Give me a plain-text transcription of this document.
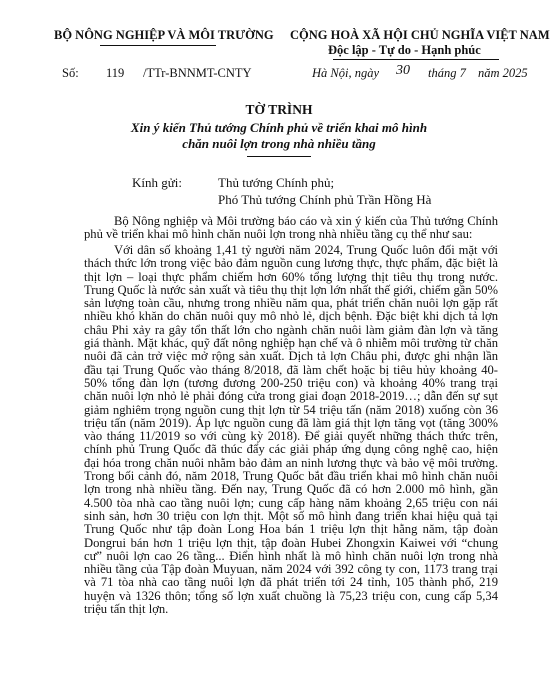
BỘ NÔNG NGHIỆP VÀ MÔI TRƯỜNG CỘNG HOÀ XÃ HỘI CHỦ NGHĨA VIỆT NAM
Độc lập - Tự do - Hạnh phúc
Số: 119 /TTr-BNNMT-CNTY	Hà Nội, ngày 30 tháng 7 năm 2025
TỜ TRÌNH
Xin ý kiến Thủ tướng Chính phủ về triển khai mô hình
chăn nuôi lợn trong nhà nhiều tầng
Kính gửi:	Thủ tướng Chính phủ;
Phó Thủ tướng Chính phủ Trần Hồng Hà

Bộ Nông nghiệp và Môi trường báo cáo và xin ý kiến của Thủ tướng Chính phủ về triển khai mô hình chăn nuôi lợn trong nhà nhiều tầng cụ thể như sau:

Với dân số khoảng 1,41 tỷ người năm 2024, Trung Quốc luôn đối mặt với thách thức lớn trong việc bảo đảm nguồn cung lương thực, thực phẩm, đặc biệt là thịt lợn – loại thực phẩm chiếm hơn 60% tổng lượng thịt tiêu thụ trong nước. Trung Quốc là nước sản xuất và tiêu thụ thịt lợn lớn nhất thế giới, chiếm gần 50% sản lượng toàn cầu, nhưng trong nhiều năm qua, phát triển chăn nuôi lợn gặp rất nhiều khó khăn do chăn nuôi quy mô nhỏ lẻ, dịch bệnh. Đặc biệt khi dịch tả lợn châu Phi xảy ra gây tổn thất lớn cho ngành chăn nuôi làm giảm đàn lợn và tăng giá thành. Mặt khác, quỹ đất nông nghiệp hạn chế và ô nhiễm môi trường từ chăn nuôi đã cản trở việc mở rộng sản xuất. Dịch tả lợn Châu phi, được ghi nhận lần đầu tại Trung Quốc vào tháng 8/2018, đã làm chết hoặc bị tiêu hủy khoảng 40-50% tổng đàn lợn (tương đương 200-250 triệu con) và khoảng 40% trang trại chăn nuôi lợn nhỏ lẻ phải đóng cửa trong giai đoạn 2018-2019…; dẫn đến sự sụt giảm nghiêm trọng nguồn cung thịt lợn từ 54 triệu tấn (năm 2018) xuống còn 36 triệu tấn (năm 2019). Áp lực nguồn cung đã làm giá thịt lợn tăng vọt (tăng 300% vào tháng 11/2019 so với cùng kỳ 2018). Để giải quyết những thách thức trên, chính phủ Trung Quốc đã thúc đẩy các giải pháp ứng dụng công nghệ cao, hiện đại hóa trong chăn nuôi nhằm bảo đảm an ninh lương thực và bảo vệ môi trường. Trong bối cảnh đó, năm 2018, Trung Quốc bắt đầu triển khai mô hình chăn nuôi lợn trong nhà nhiều tầng. Đến nay, Trung Quốc đã có hơn 2.000 mô hình, gần 4.500 tòa nhà cao tầng nuôi lợn; cung cấp hàng năm khoảng 2,65 triệu con nái sinh sản, hơn 30 triệu con lợn thịt. Một số mô hình đang triển khai hiệu quả tại Trung Quốc như tập đoàn Long Hoa bán 1 triệu lợn thịt hằng năm, tập đoàn Dongrui bán hơn 1 triệu lợn thịt, tập đoàn Hubei Zhongxin Kaiwei với “chung cư” nuôi lợn cao 26 tầng... Điển hình nhất là mô hình chăn nuôi lợn trong nhà nhiều tầng của Tập đoàn Muyuan, năm 2024 với 392 công ty con, 1173 trang trại và 71 tòa nhà cao tầng nuôi lợn đã phát triển tới 24 tỉnh, 105 thành phố, 219 huyện và 1326 thôn; tổng số lợn xuất chuồng là 75,23 triệu con, cung cấp 5,34 triệu tấn thịt lợn.
